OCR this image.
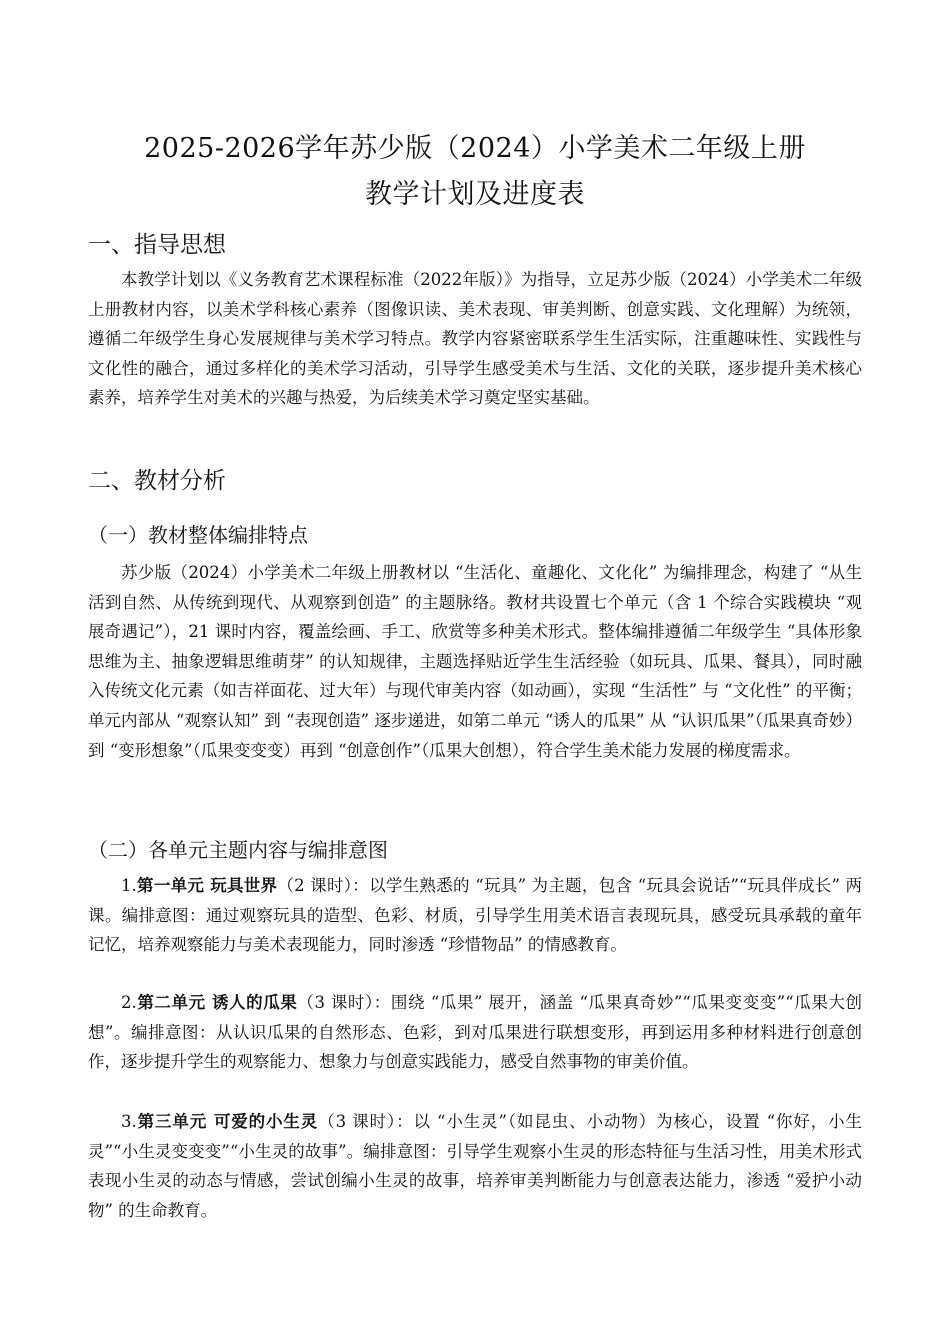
2025-2026学年苏少版（2024）小学美术二年级上册
教学计划及进度表
一、指导思想

本教学计划以《义务教育艺术课程标准（2022年版）》为指导，立足苏少版（2024）小学美术二年级上册教材内容，以美术学科核心素养（图像识读、美术表现、审美判断、创意实践、文化理解）为统领，遵循二年级学生身心发展规律与美术学习特点。教学内容紧密联系学生生活实际，注重趣味性、实践性与文化性的融合，通过多样化的美术学习活动，引导学生感受美术与生活、文化的关联，逐步提升美术核心素养，培养学生对美术的兴趣与热爱，为后续美术学习奠定坚实基础。

二、教材分析
（一）教材整体编排特点

苏少版（2024）小学美术二年级上册教材以 “生活化、童趣化、文化化” 为编排理念，构建了 “从生活到自然、从传统到现代、从观察到创造” 的主题脉络。教材共设置七个单元（含 1 个综合实践模块 “观展奇遇记”），21 课时内容，覆盖绘画、手工、欣赏等多种美术形式。整体编排遵循二年级学生 “具体形象思维为主、抽象逻辑思维萌芽” 的认知规律，主题选择贴近学生生活经验（如玩具、瓜果、餐具），同时融入传统文化元素（如吉祥面花、过大年）与现代审美内容（如动画），实现 “生活性” 与 “文化性” 的平衡；单元内部从 “观察认知” 到 “表现创造” 逐步递进，如第二单元 “诱人的瓜果” 从 “认识瓜果”（瓜果真奇妙）到 “变形想象”（瓜果变变变）再到 “创意创作”（瓜果大创想），符合学生美术能力发展的梯度需求。

（二）各单元主题内容与编排意图

1.第一单元 玩具世界（2 课时）：以学生熟悉的 “玩具” 为主题，包含 “玩具会说话”“玩具伴成长” 两课。编排意图：通过观察玩具的造型、色彩、材质，引导学生用美术语言表现玩具，感受玩具承载的童年记忆，培养观察能力与美术表现能力，同时渗透 “珍惜物品” 的情感教育。

2.第二单元 诱人的瓜果（3 课时）：围绕 “瓜果” 展开，涵盖 “瓜果真奇妙”“瓜果变变变”“瓜果大创想”。编排意图：从认识瓜果的自然形态、色彩，到对瓜果进行联想变形，再到运用多种材料进行创意创作，逐步提升学生的观察能力、想象力与创意实践能力，感受自然事物的审美价值。

3.第三单元 可爱的小生灵（3 课时）：以 “小生灵”（如昆虫、小动物）为核心，设置 “你好，小生灵”“小生灵变变变”“小生灵的故事”。编排意图：引导学生观察小生灵的形态特征与生活习性，用美术形式表现小生灵的动态与情感，尝试创编小生灵的故事，培养审美判断能力与创意表达能力，渗透 “爱护小动物” 的生命教育。
